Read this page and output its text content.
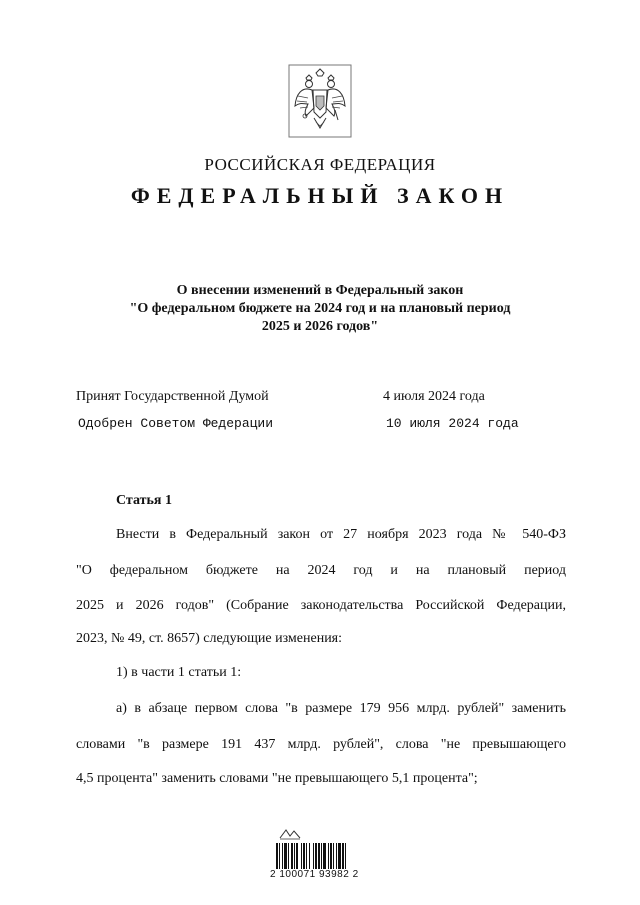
РОССИЙСКАЯ ФЕДЕРАЦИЯ
ФЕДЕРАЛЬНЫЙ ЗАКОН
О внесении изменений в Федеральный закон
"О федеральном бюджете на 2024 год и на плановый период
2025 и 2026 годов"
Принят Государственной Думой	4 июля 2024 года
Одобрен Советом Федерации	10 июля 2024 года
Статья 1
Внести в Федеральный закон от 27 ноября 2023 года № 540-ФЗ
"О федеральном бюджете на 2024 год и на плановый период
2025 и 2026 годов" (Собрание законодательства Российской Федерации,
2023, № 49, ст. 8657) следующие изменения:
1) в части 1 статьи 1:
а) в абзаце первом слова "в размере 179 956 млрд. рублей" заменить
словами "в размере 191 437 млрд. рублей", слова "не превышающего
4,5 процента" заменить словами "не превышающего 5,1 процента";
2 100071 93982 2
